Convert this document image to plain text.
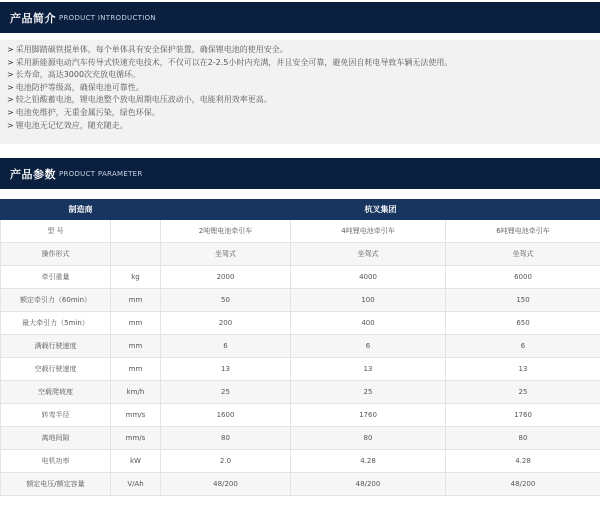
产品简介 PRODUCT INTRODUCTION
> 采用脚踏碳铁提单体，每个单体具有安全保护装置，确保锂电池的使用安全。
> 采用新能源电动汽车传导式快速充电技术，不仅可以在2-2.5小时内充满，并且安全可靠，避免因自耗电导致车辆无法使用。
> 长寿命，高达3000次充放电循环。
> 电池防护等级高，确保电池可靠性。
> 较之铅酸蓄电池，锂电池整个放电周期电压波动小，电能利用效率更高。
> 电池免维护，无重金属污染，绿色环保。
> 锂电池无记忆效应，随充随走。
产品参数 PRODUCT PARAMETER
制造商		杭叉集团		
型 号		2吨锂电池牵引车	4吨锂电池牵引车	6吨锂电池牵引车
操作形式		坐驾式	坐驾式	坐驾式
牵引重量	kg	2000	4000	6000
额定牵引力（60min）	mm	50	100	150
最大牵引力（5min）	mm	200	400	650
满载行驶速度	mm	6	6	6
空载行驶速度	mm	13	13	13
空载爬坡度	km/h	25	25	25
转弯半径	mm/s	1600	1760	1760
离地间隙	mm/s	80	80	80
电机功率	kW	2.0	4.28	4.28
额定电压/额定容量	V/Ah	48/200	48/200	48/200
